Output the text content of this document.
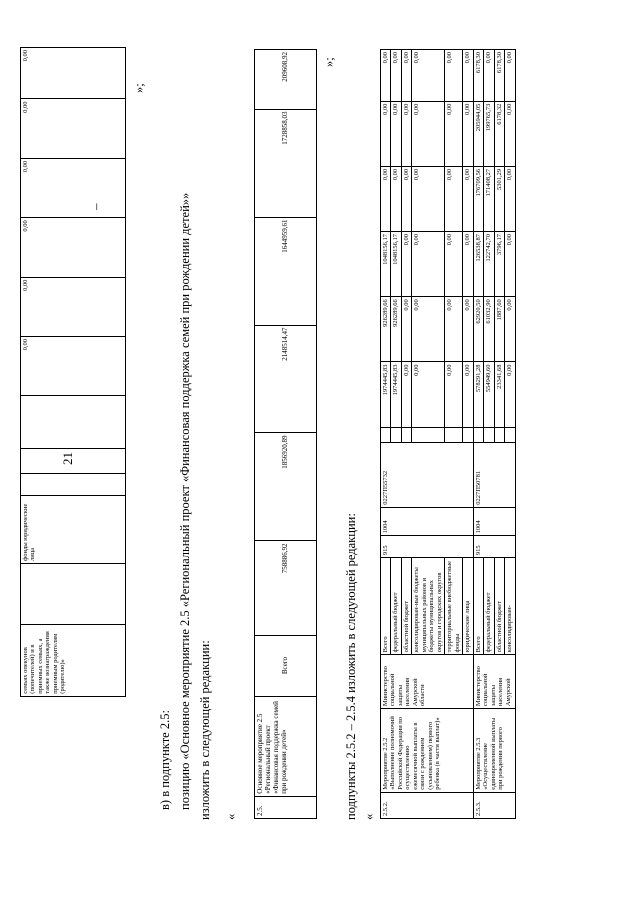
21
–
		семьях опекунов (попечителей) и в приемных семьях, а также вознаграждения приемным родителям (родителю)»		фонды юридические лица				0,00	0,00	0,00	0,00	0,00	0,00
»;
в) в подпункте 2.5: позицию «Основное мероприятие 2.5 «Региональный проект «Финансовая поддержка семей при рождении детей»» изложить в следующей редакции: «
2.5.	Основное мероприятие 2.5 «Региональный проект «Финансовая поддержка семей при рождении детей»	Всего	758886,92	1856920,89	2148514,47	1644959,61	1728858,03	209608,92	»;
подпункты 2.5.2 – 2.5.4 изложить в следующей редакции: «
2.5.2.	Мероприятие 2.5.2 «Выполнение полномочий Российской Федерации по осуществлению ежемесячной выплаты в связи с рождением (усыновлением) первого ребенка (в части выплат)»	Министерство социальной защиты населения Амурской области	Всего	915	1004	0227П55732		1974445,83	926289,66	1048156,17	0,00	0,00	0,00
			федеральный бюджет					1974445,83	926289,66	1048156,17	0,00	0,00	0,00
			областной бюджет					0,00	0,00	0,00	0,00	0,00	0,00
			консолидирован-ные бюджеты муниципальных районов и бюджеты муниципальных округов и городских округов					0,00	0,00	0,00	0,00	0,00	0,00
			территориальные внебюджетные фонды					0,00	0,00	0,00	0,00	0,00	0,00
			юридические лица					0,00	0,00	0,00	0,00	0,00	0,00
2.5.3.	Мероприятие 2.5.3 «Осуществление единовременной выплаты при рождении первого	Министерство социальной защиты населения Амурской	Всего	915	1004	0227П50781		578291,28	62920,50	126538,87	176709,56	205944,05	6178,30
			федеральный бюджет					554949,60	61032,90	122742,70	171408,27	199765,73	0,00
			областной бюджет					23341,68	1887,60	3796,17	5301,29	6178,32	6178,30
			консолидирован-					0,00	0,00	0,00	0,00	0,00	0,00
